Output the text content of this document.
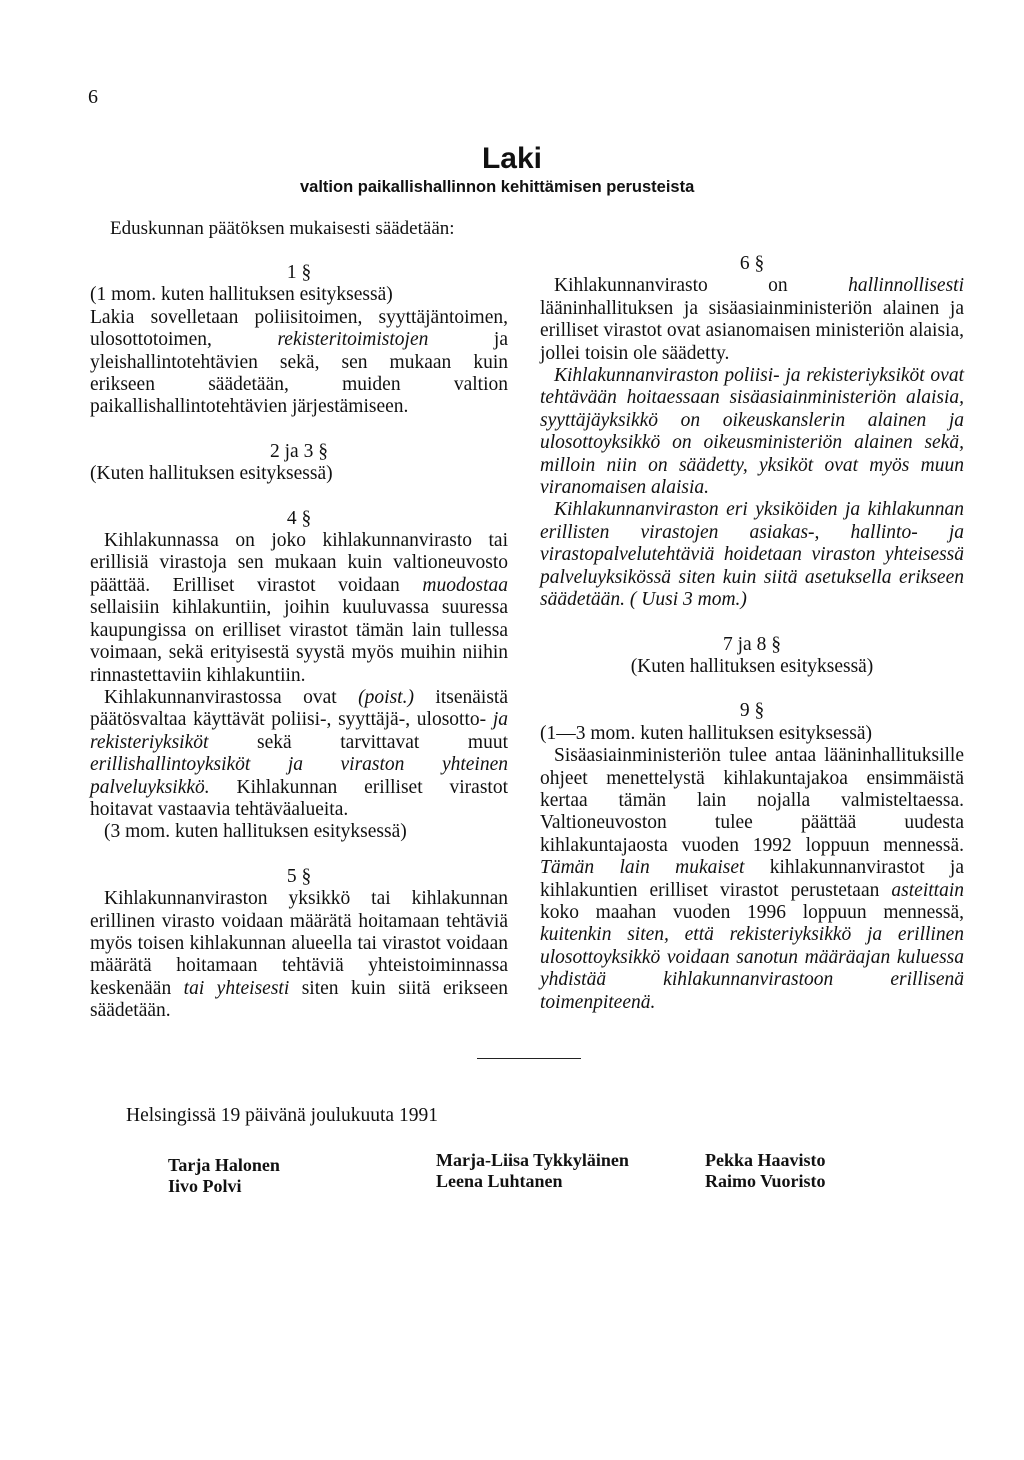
6
Laki
valtion paikallishallinnon kehittämisen perusteista
Eduskunnan päätöksen mukaisesti säädetään:

1 §

(1 mom. kuten hallituksen esityksessä)

Lakia sovelletaan poliisitoimen, syyttäjäntoimen, ulosottotoimen, rekisteritoimistojen ja yleishallintotehtävien sekä, sen mukaan kuin erikseen säädetään, muiden valtion paikallishallintotehtävien järjestämiseen.

2 ja 3 §

(Kuten hallituksen esityksessä)

4 §

Kihlakunnassa on joko kihlakunnanvirasto tai erillisiä virastoja sen mukaan kuin valtioneuvosto päättää. Erilliset virastot voidaan muodostaa sellaisiin kihlakuntiin, joihin kuuluvassa suuressa kaupungissa on erilliset virastot tämän lain tullessa voimaan, sekä erityisestä syystä myös muihin niihin rinnastettaviin kihlakuntiin.

Kihlakunnanvirastossa ovat (poist.) itsenäistä päätösvaltaa käyttävät poliisi-, syyttäjä-, ulosotto- ja rekisteriyksiköt sekä tarvittavat muut erillishallintoyksiköt ja viraston yhteinen palveluyksikkö. Kihlakunnan erilliset virastot hoitavat vastaavia tehtäväalueita.

(3 mom. kuten hallituksen esityksessä)

5 §

Kihlakunnanviraston yksikkö tai kihlakunnan erillinen virasto voidaan määrätä hoitamaan tehtäviä myös toisen kihlakunnan alueella tai virastot voidaan määrätä hoitamaan tehtäviä yhteistoiminnassa keskenään tai yhteisesti siten kuin siitä erikseen säädetään.

6 §

Kihlakunnanvirasto on hallinnollisesti lääninhallituksen ja sisäasiainministeriön alainen ja erilliset virastot ovat asianomaisen ministeriön alaisia, jollei toisin ole säädetty.

Kihlakunnanviraston poliisi- ja rekisteriyksiköt ovat tehtävään hoitaessaan sisäasiainministeriön alaisia, syyttäjäyksikkö on oikeuskanslerin alainen ja ulosottoyksikkö on oikeusministeriön alainen sekä, milloin niin on säädetty, yksiköt ovat myös muun viranomaisen alaisia.

Kihlakunnanviraston eri yksiköiden ja kihlakunnan erillisten virastojen asiakas-, hallinto- ja virastopalvelutehtäviä hoidetaan viraston yhteisessä palveluyksikössä siten kuin siitä asetuksella erikseen säädetään. ( Uusi 3 mom.)

7 ja 8 §

(Kuten hallituksen esityksessä)

9 §

(1—3 mom. kuten hallituksen esityksessä)

Sisäasiainministeriön tulee antaa lääninhallituksille ohjeet menettelystä kihlakuntajakoa ensimmäistä kertaa tämän lain nojalla valmisteltaessa. Valtioneuvoston tulee päättää uudesta kihlakuntajaosta vuoden 1992 loppuun mennessä. Tämän lain mukaiset kihlakunnanvirastot ja kihlakuntien erilliset virastot perustetaan asteittain koko maahan vuoden 1996 loppuun mennessä, kuitenkin siten, että rekisteriyksikkö ja erillinen ulosottoyksikkö voidaan sanotun määräajan kuluessa yhdistää kihlakunnanvirastoon erillisenä toimenpiteenä.

Helsingissä 19 päivänä joulukuuta 1991
Tarja Halonen
Iivo Polvi
Marja-Liisa Tykkyläinen
Leena Luhtanen
Pekka Haavisto
Raimo Vuoristo
